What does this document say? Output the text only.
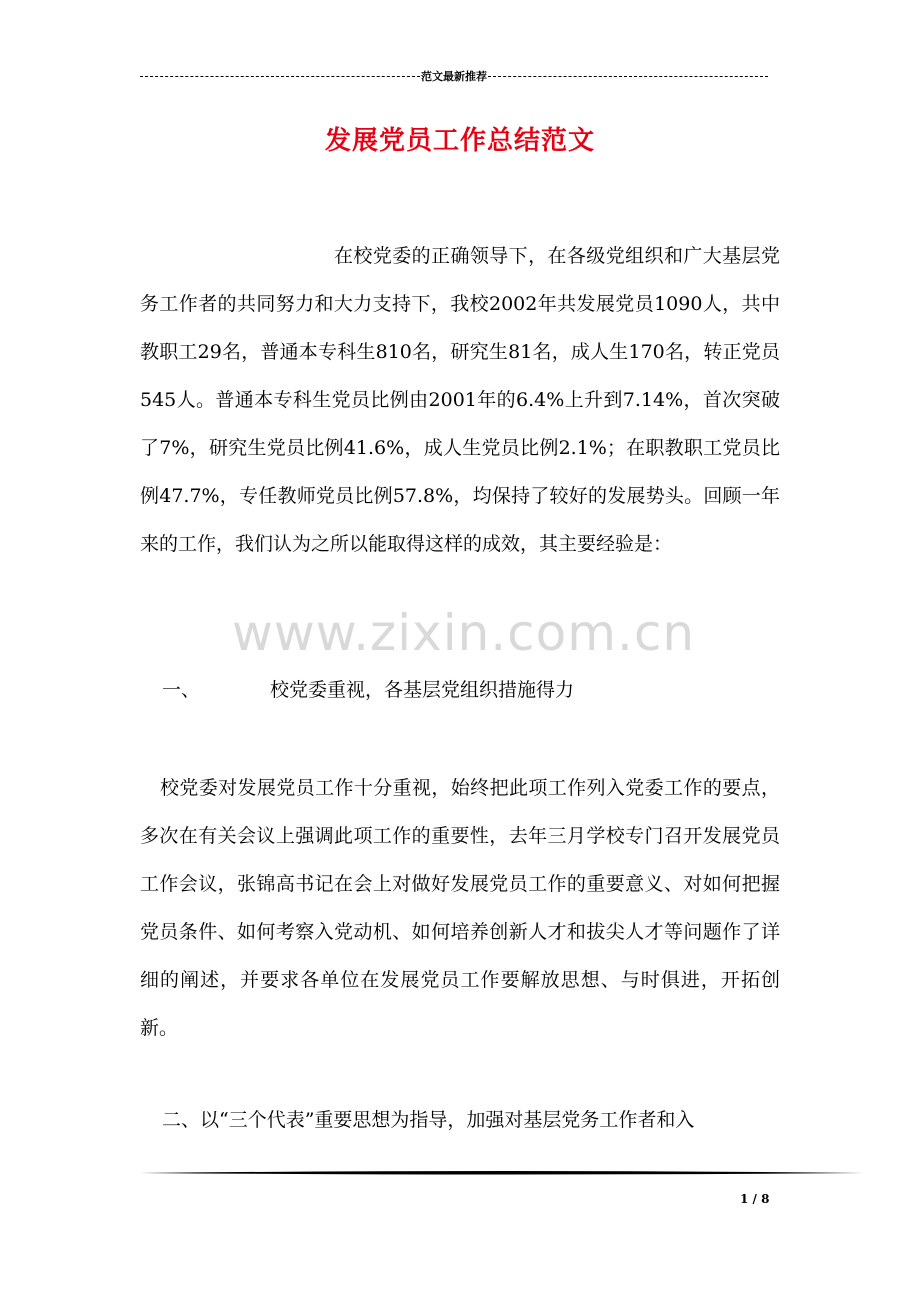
范文最新推荐
发展党员工作总结范文
在校党委的正确领导下，在各级党组织和广大基层党务工作者的共同努力和大力支持下，我校2002年共发展党员1090人，共中教职工29名，普通本专科生810名，研究生81名，成人生170名，转正党员545人。普通本专科生党员比例由2001年的6.4%上升到7.14%，首次突破了7%，研究生党员比例41.6%，成人生党员比例2.1%；在职教职工党员比例47.7%，专任教师党员比例57.8%，均保持了较好的发展势头。回顾一年来的工作，我们认为之所以能取得这样的成效，其主要经验是：
www.zixin.com.cn
一、	校党委重视，各基层党组织措施得力
校党委对发展党员工作十分重视，始终把此项工作列入党委工作的要点，多次在有关会议上强调此项工作的重要性，去年三月学校专门召开发展党员工作会议，张锦高书记在会上对做好发展党员工作的重要意义、对如何把握党员条件、如何考察入党动机、如何培养创新人才和拔尖人才等问题作了详细的阐述，并要求各单位在发展党员工作要解放思想、与时俱进，开拓创新。
二、以“三个代表”重要思想为指导，加强对基层党务工作者和入
1 / 8
